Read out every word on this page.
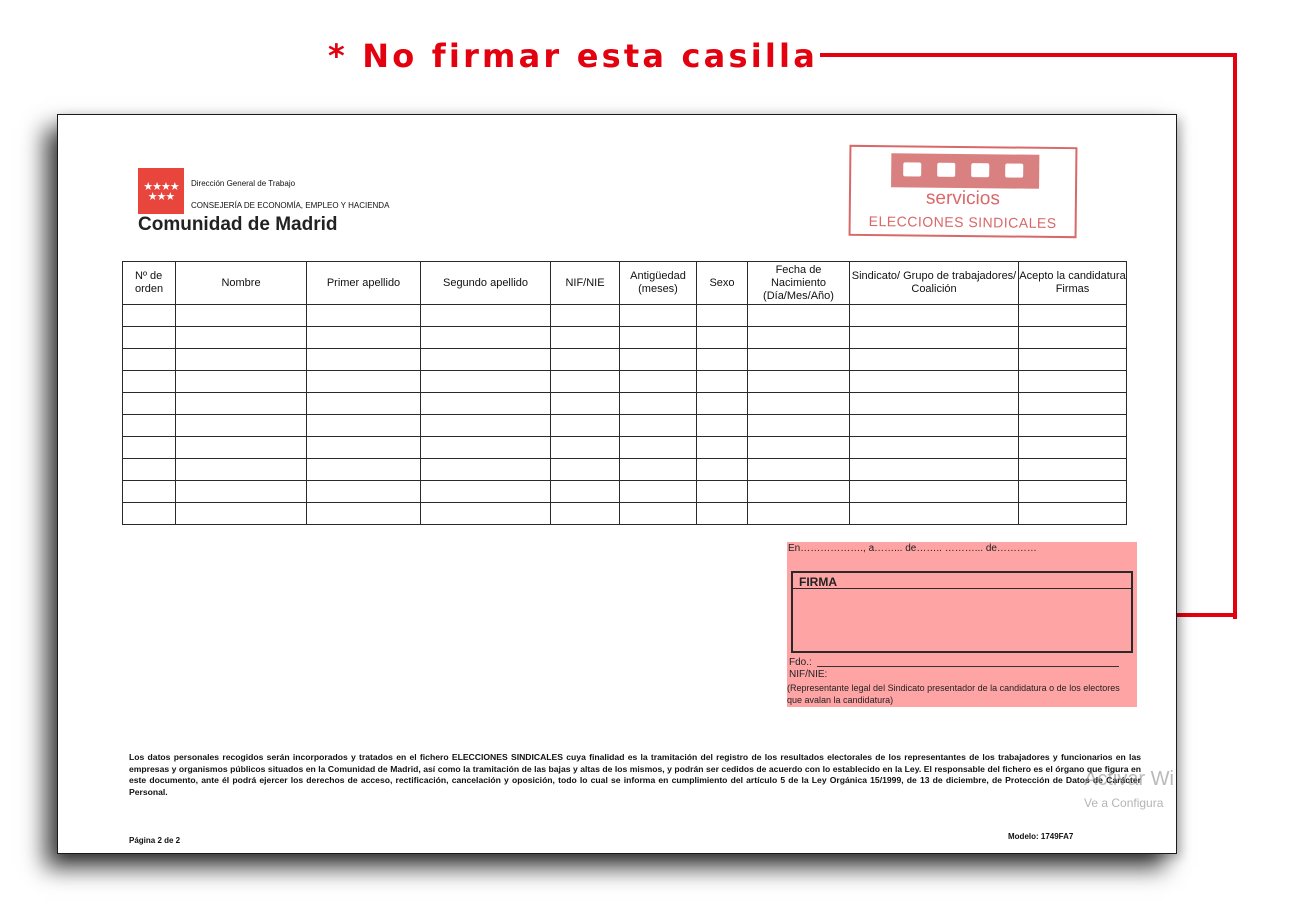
* No firmar esta casilla
★★★★ ★★★
Dirección General de Trabajo
CONSEJERÍA DE ECONOMÍA, EMPLEO Y HACIENDA
Comunidad de Madrid
servicios
ELECCIONES SINDICALES
Nº de orden	Nombre	Primer apellido	Segundo apellido	NIF/NIE	Antigüedad (meses)	Sexo	Fecha de Nacimiento (Día/Mes/Año)	Sindicato/ Grupo de trabajadores/ Coalición	Acepto la candidatura Firmas

En………………., a……... de…….. ………... de…………
FIRMA
Fdo.:
NIF/NIE:
(Representante legal del Sindicato presentador de la candidatura o de los electores que avalan la candidatura)
Los datos personales recogidos serán incorporados y tratados en el fichero ELECCIONES SINDICALES cuya finalidad es la tramitación del registro de los resultados electorales de los representantes de los trabajadores y funcionarios en las empresas y organismos públicos situados en la Comunidad de Madrid, así como la tramitación de las bajas y altas de los mismos, y podrán ser cedidos de acuerdo con lo establecido en la Ley. El responsable del fichero es el órgano que figura en este documento, ante él podrá ejercer los derechos de acceso, rectificación, cancelación y oposición, todo lo cual se informa en cumplimiento del artículo 5 de la Ley Orgánica 15/1999, de 13 de diciembre, de Protección de Datos de Carácter Personal.
Página 2 de 2	Modelo: 1749FA7
Activar Wi
Ve a Configura
